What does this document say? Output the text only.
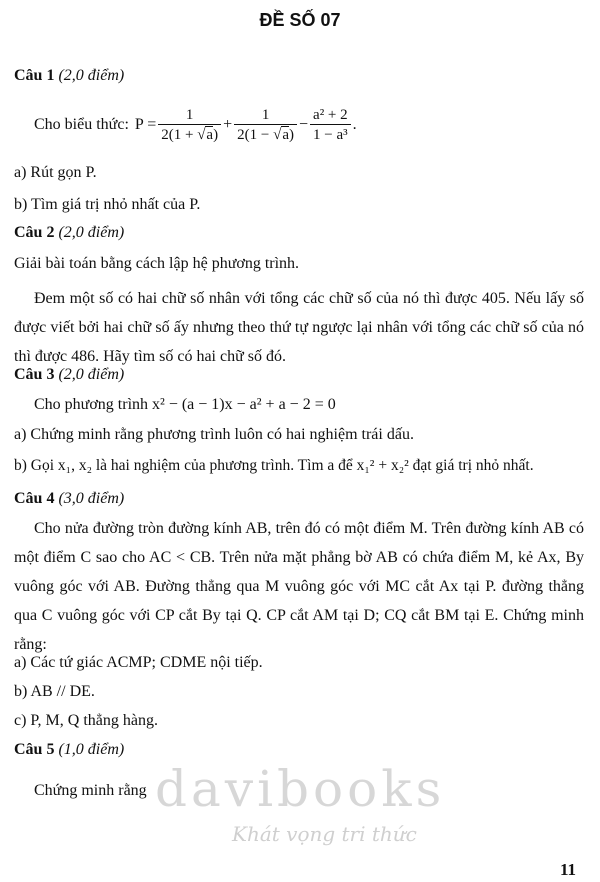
ĐỀ SỐ 07
Câu 1 (2,0 điểm)
Cho biểu thức: $P = \frac{1}{2(1 + √a)} + \frac{1}{2(1 - √a)} - \frac{\text{a² + 2}}{\text{1 − a³}}$ .
a) Rút gọn P.
b) Tìm giá trị nhỏ nhất của P.
Câu 2 (2,0 điểm)
Giải bài toán bằng cách lập hệ phương trình.
Đem một số có hai chữ số nhân với tổng các chữ số của nó thì được 405. Nếu lấy số được viết bởi hai chữ số ấy nhưng theo thứ tự ngược lại nhân với tổng các chữ số của nó thì được 486. Hãy tìm số có hai chữ số đó.
Câu 3 (2,0 điểm)
Cho phương trình x² − (a − 1)x − a² + a − 2 = 0
a) Chứng minh rằng phương trình luôn có hai nghiệm trái dấu.
b) Gọi x₁, x₂ là hai nghiệm của phương trình. Tìm a để x₁² + x₂² đạt giá trị nhỏ nhất.
Câu 4 (3,0 điểm)
Cho nửa đường tròn đường kính AB, trên đó có một điểm M. Trên đường kính AB có một điểm C sao cho AC < CB. Trên nửa mặt phẳng bờ AB có chứa điểm M, kẻ Ax, By vuông góc với AB. Đường thẳng qua M vuông góc với MC cắt Ax tại P. đường thẳng qua C vuông góc với CP cắt By tại Q. CP cắt AM tại D; CQ cắt BM tại E. Chứng minh rằng:
a) Các tứ giác ACMP; CDME nội tiếp.
b) AB // DE.
c) P, M, Q thẳng hàng.
Câu 5 (1,0 điểm)
Chứng minh rằng davibooks
Khát vọng tri thức
11
